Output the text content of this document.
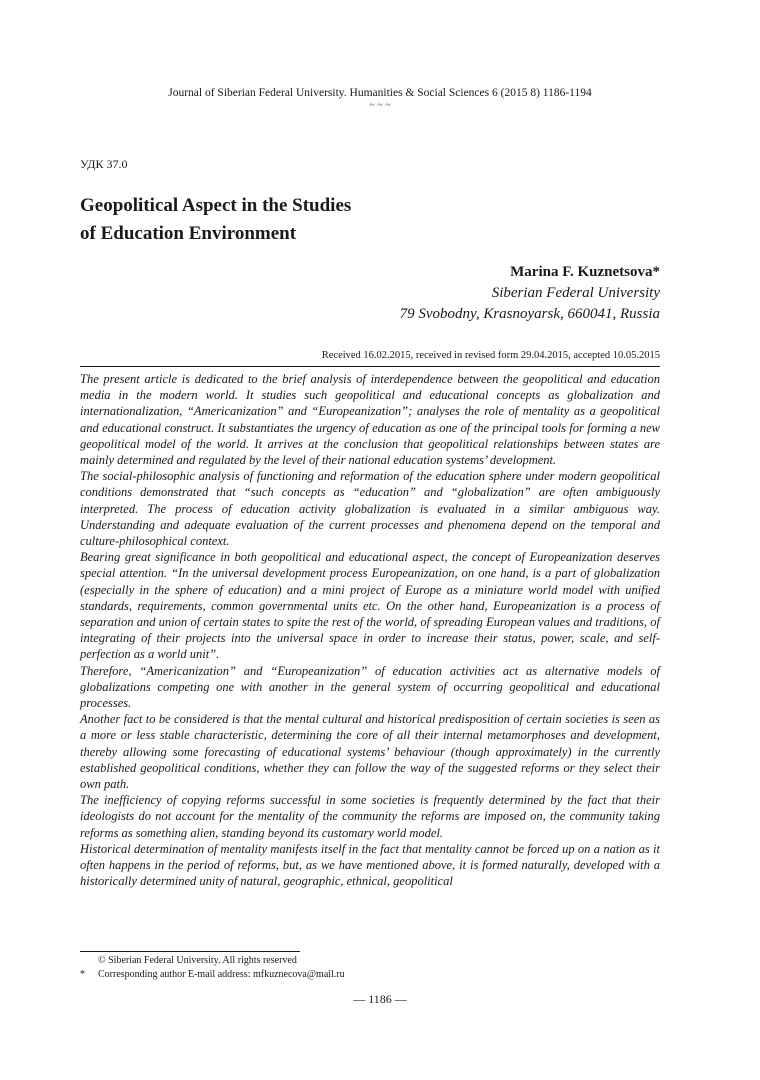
Journal of Siberian Federal University. Humanities & Social Sciences 6 (2015 8) 1186-1194
~ ~ ~
УДК 37.0
Geopolitical Aspect in the Studies
of Education Environment
Marina F. Kuznetsova*
Siberian Federal University
79 Svobodny, Krasnoyarsk, 660041, Russia
Received 16.02.2015, received in revised form 29.04.2015, accepted 10.05.2015

The present article is dedicated to the brief analysis of interdependence between the geopolitical and education media in the modern world. It studies such geopolitical and educational concepts as globalization and internationalization, “Americanization” and “Europeanization”; analyses the role of mentality as a geopolitical and educational construct. It substantiates the urgency of education as one of the principal tools for forming a new geopolitical model of the world. It arrives at the conclusion that geopolitical relationships between states are mainly determined and regulated by the level of their national education systems’ development.

The social-philosophic analysis of functioning and reformation of the education sphere under modern geopolitical conditions demonstrated that “such concepts as “education” and “globalization” are often ambiguously interpreted. The process of education activity globalization is evaluated in a similar ambiguous way. Understanding and adequate evaluation of the current processes and phenomena depend on the temporal and culture-philosophical context.

Bearing great significance in both geopolitical and educational aspect, the concept of Europeanization deserves special attention. “In the universal development process Europeanization, on one hand, is a part of globalization (especially in the sphere of education) and a mini project of Europe as a miniature world model with unified standards, requirements, common governmental units etc. On the other hand, Europeanization is a process of separation and union of certain states to spite the rest of the world, of spreading European values and traditions, of integrating of their projects into the universal space in order to increase their status, power, scale, and self-perfection as a world unit”.

Therefore, “Americanization” and “Europeanization” of education activities act as alternative models of globalizations competing one with another in the general system of occurring geopolitical and educational processes.

Another fact to be considered is that the mental cultural and historical predisposition of certain societies is seen as a more or less stable characteristic, determining the core of all their internal metamorphoses and development, thereby allowing some forecasting of educational systems’ behaviour (though approximately) in the currently established geopolitical conditions, whether they can follow the way of the suggested reforms or they select their own path.

The inefficiency of copying reforms successful in some societies is frequently determined by the fact that their ideologists do not account for the mentality of the community the reforms are imposed on, the community taking reforms as something alien, standing beyond its customary world model.

Historical determination of mentality manifests itself in the fact that mentality cannot be forced up on a nation as it often happens in the period of reforms, but, as we have mentioned above, it is formed naturally, developed with a historically determined unity of natural, geographic, ethnical, geopolitical

© Siberian Federal University. All rights reserved
*	Corresponding author E-mail address: mfkuznecova@mail.ru
— 1186 —
